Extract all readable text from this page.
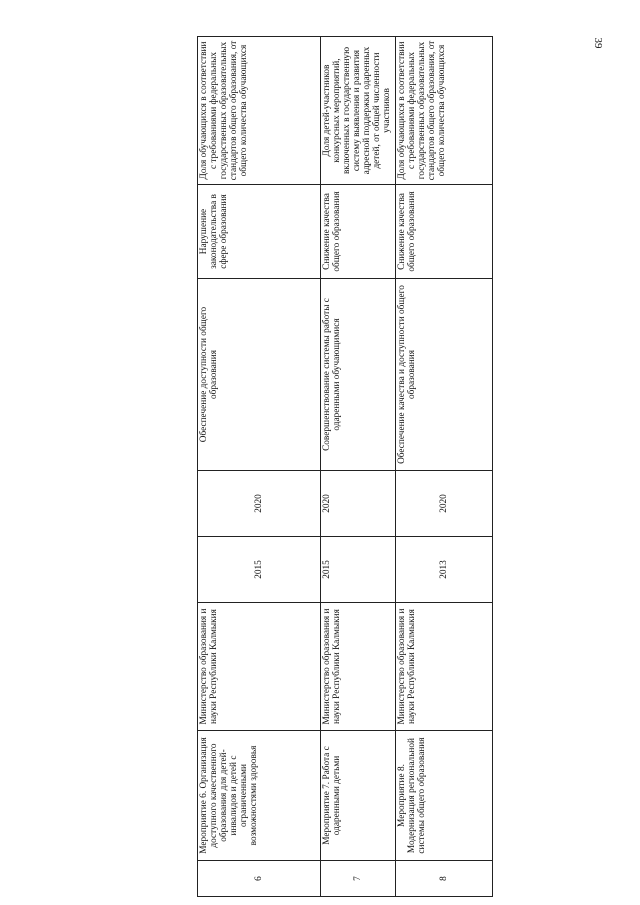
39
6	Мероприятие 6. Организация доступного качественного образования для детей-инвалидов и детей с ограниченными возможностями здоровья	Министерство образования и науки Республики Калмыкия	2015	2020	Обеспечение доступности общего образования	Нарушение законодательства в сфере образования	Доля обучающихся в соответствии с требованиями федеральных государственных образовательных стандартов общего образования, от общего количества обучающихся
7	Мероприятие 7. Работа с одаренными детьми	Министерство образования и науки Республики Калмыкия	2015	2020	Совершенствование системы работы с одаренными обучающимися	Снижение качества общего образования	Доля детей-участников конкурсных мероприятий, включенных в государственную систему выявления и развития адресной поддержки одаренных детей, от общей численности участников
8	Мероприятие 8. Модернизация региональной системы общего образования	Министерство образования и науки Республики Калмыкия	2013	2020	Обеспечение качества и доступности общего образования	Снижение качества общего образования	Доля обучающихся в соответствии с требованиями федеральных государственных образовательных стандартов общего образования, от общего количества обучающихся
